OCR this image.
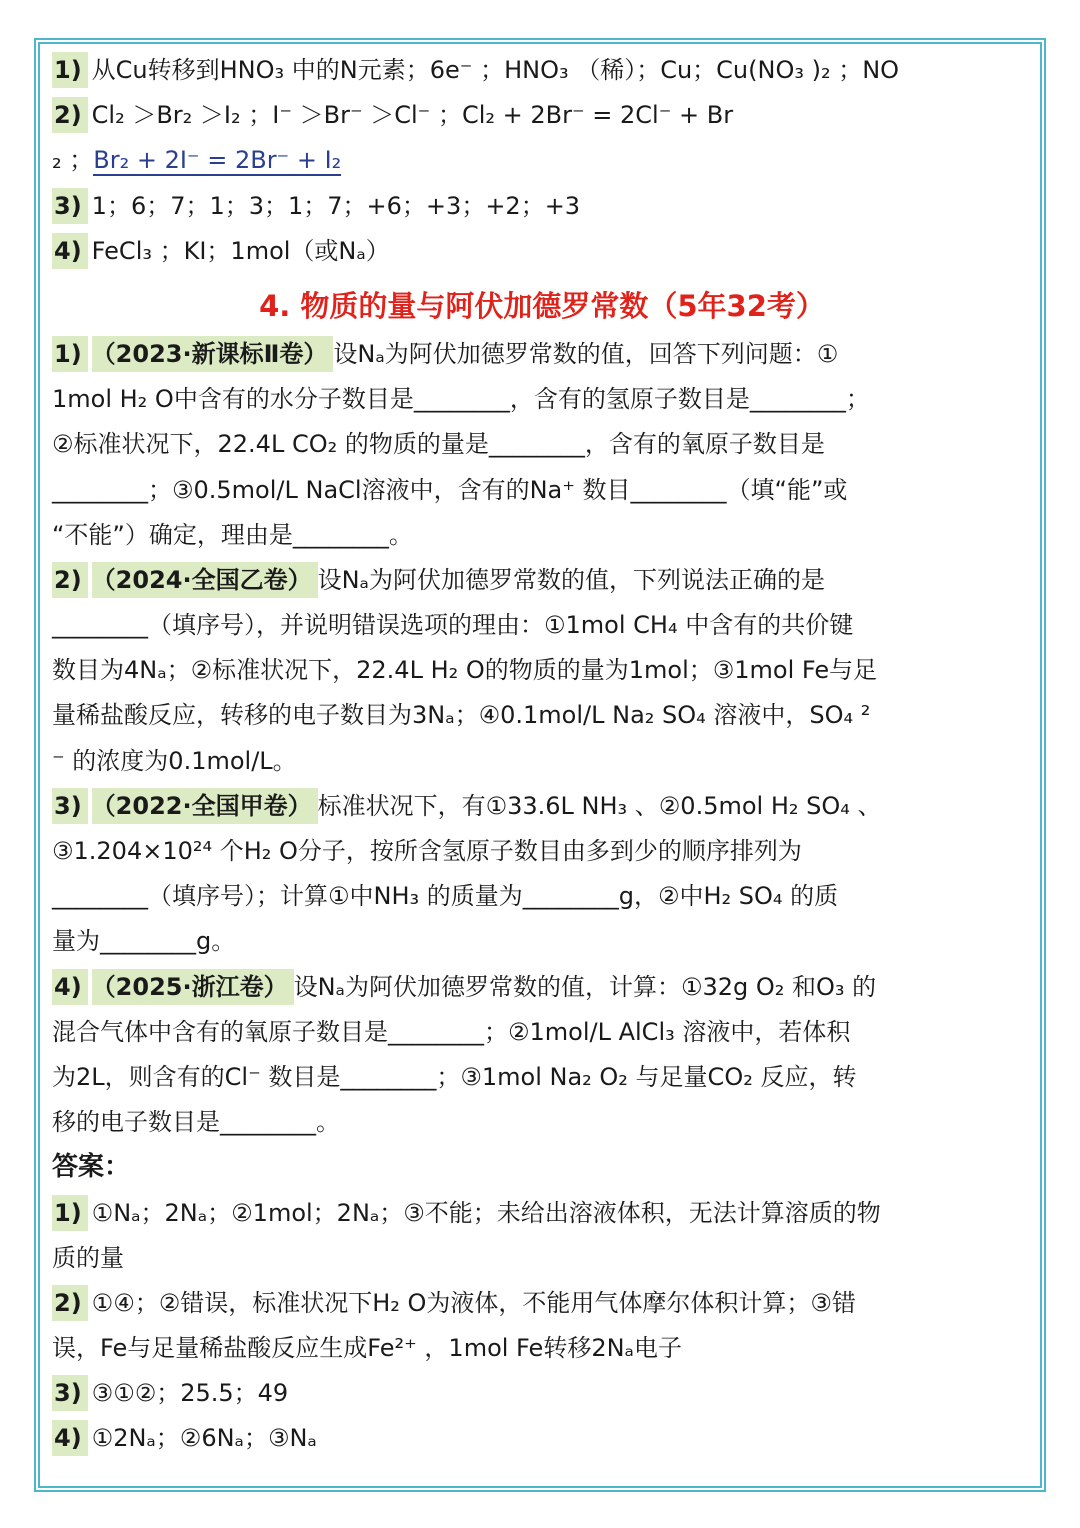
1) 从Cu转移到HNO₃ 中的N元素；6e⁻ ；HNO₃ （稀）；Cu；Cu(NO₃ )₂ ；NO
2) Cl₂ ＞Br₂ ＞I₂ ；I⁻ ＞Br⁻ ＞Cl⁻ ；Cl₂ + 2Br⁻ = 2Cl⁻ + Br
₂ ；Br₂ + 2I⁻ = 2Br⁻ + I₂
3) 1；6；7；1；3；1；7；+6；+3；+2；+3
4) FeCl₃ ；KI；1mol（或Nₐ）
4. 物质的量与阿伏加德罗常数（5年32考）
1) （2023·新课标Ⅱ卷） 设Nₐ为阿伏加德罗常数的值，回答下列问题：①
1mol H₂ O中含有的水分子数目是________，含有的氢原子数目是________；
②标准状况下，22.4L CO₂ 的物质的量是________，含有的氧原子数目是
________；③0.5mol/L NaCl溶液中，含有的Na⁺ 数目________（填“能”或
“不能”）确定，理由是________。
2) （2024·全国乙卷） 设Nₐ为阿伏加德罗常数的值，下列说法正确的是
________（填序号），并说明错误选项的理由：①1mol CH₄ 中含有的共价键
数目为4Nₐ；②标准状况下，22.4L H₂ O的物质的量为1mol；③1mol Fe与足
量稀盐酸反应，转移的电子数目为3Nₐ；④0.1mol/L Na₂ SO₄ 溶液中，SO₄ ²
⁻ 的浓度为0.1mol/L。
3) （2022·全国甲卷） 标准状况下，有①33.6L NH₃ 、②0.5mol H₂ SO₄ 、
③1.204×10²⁴ 个H₂ O分子，按所含氢原子数目由多到少的顺序排列为
________（填序号）；计算①中NH₃ 的质量为________g，②中H₂ SO₄ 的质
量为________g。
4) （2025·浙江卷） 设Nₐ为阿伏加德罗常数的值，计算：①32g O₂ 和O₃ 的
混合气体中含有的氧原子数目是________；②1mol/L AlCl₃ 溶液中，若体积
为2L，则含有的Cl⁻ 数目是________；③1mol Na₂ O₂ 与足量CO₂ 反应，转
移的电子数目是________。
答案：
1) ①Nₐ；2Nₐ；②1mol；2Nₐ；③不能；未给出溶液体积，无法计算溶质的物
质的量
2) ①④；②错误，标准状况下H₂ O为液体，不能用气体摩尔体积计算；③错
误，Fe与足量稀盐酸反应生成Fe²⁺ ，1mol Fe转移2Nₐ电子
3) ③①②；25.5；49
4) ①2Nₐ；②6Nₐ；③Nₐ
